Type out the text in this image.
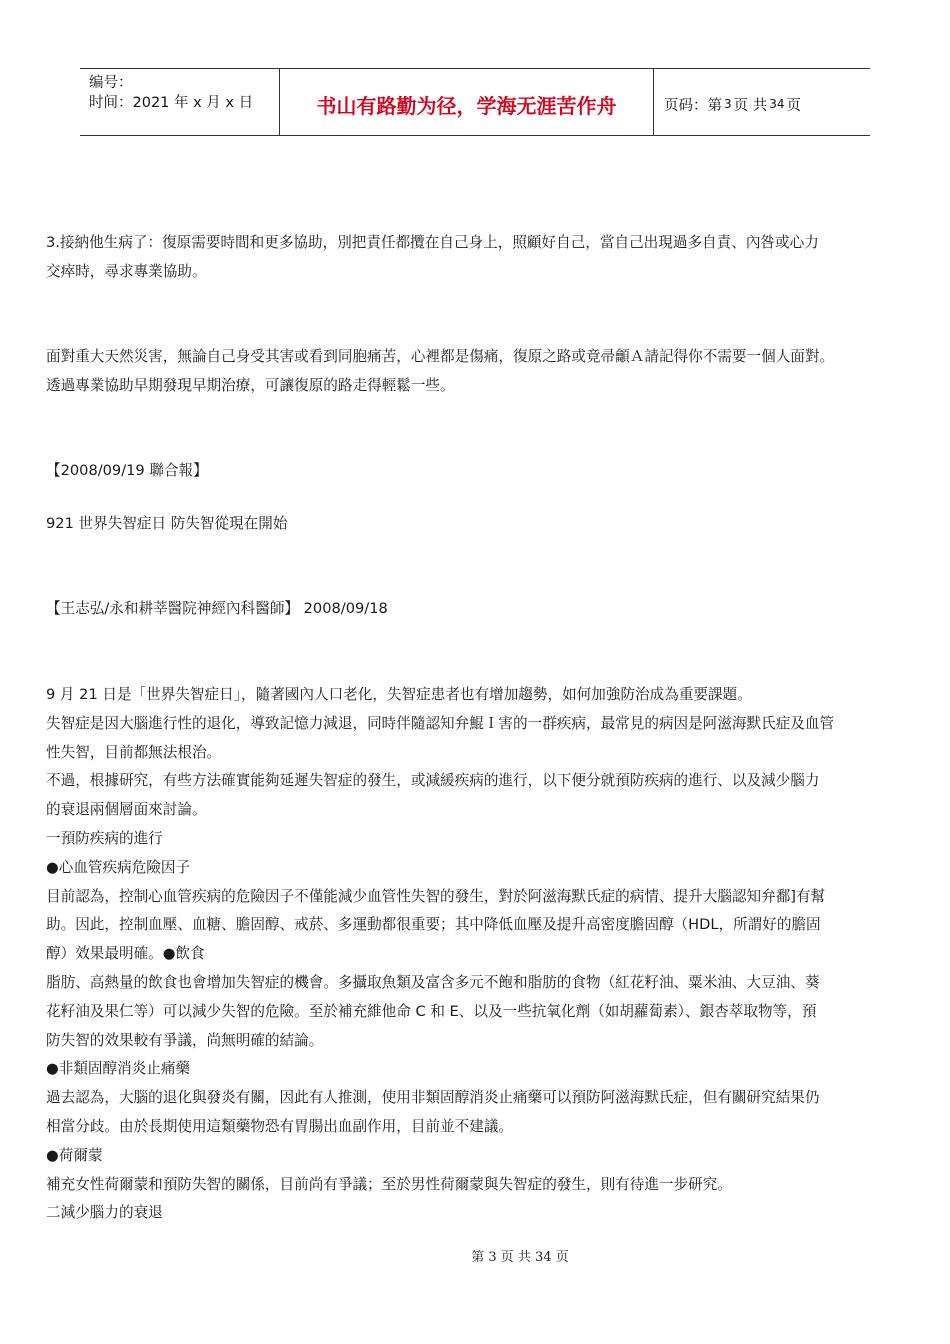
编号：
时间：2021 年 x 月 x 日	书山有路勤为径，学海无涯苦作舟	页码：第 3 页 共 34 页

3.接納他生病了：復原需要時間和更多協助，別把責任都攬在自己身上，照顧好自己，當自己出現過多自責、內咎或心力

交瘁時，尋求專業協助。

面對重大天然災害，無論自己身受其害或看到同胞痛苦，心裡都是傷痛，復原之路或竟帚龥Ａ請記得你不需要一個人面對。

透過專業協助早期發現早期治療，可讓復原的路走得輕鬆一些。

【2008/09/19 聯合報】

921 世界失智症日 防失智從現在開始

【王志弘/永和耕莘醫院神經內科醫師】 2008/09/18

9 月 21 日是「世界失智症日」，隨著國內人口老化，失智症患者也有增加趨勢，如何加強防治成為重要課題。

失智症是因大腦進行性的退化，導致記憶力減退，同時伴隨認知弁鯤Ｉ害的一群疾病，最常見的病因是阿滋海默氏症及血管

性失智，目前都無法根治。

不過，根據研究，有些方法確實能夠延遲失智症的發生，或減緩疾病的進行，以下便分就預防疾病的進行、以及減少腦力

的衰退兩個層面來討論。

一預防疾病的進行

●心血管疾病危險因子

目前認為，控制心血管疾病的危險因子不僅能減少血管性失智的發生，對於阿滋海默氏症的病情、提升大腦認知弁鄱]有幫

助。因此，控制血壓、血糖、膽固醇、戒菸、多運動都很重要；其中降低血壓及提升高密度膽固醇（HDL，所謂好的膽固

醇）效果最明確。●飲食

脂肪、高熱量的飲食也會增加失智症的機會。多攝取魚類及富含多元不飽和脂肪的食物（紅花籽油、粟米油、大豆油、葵

花籽油及果仁等）可以減少失智的危險。至於補充維他命 C 和 E、以及一些抗氧化劑（如胡蘿蔔素）、銀杏萃取物等，預

防失智的效果較有爭議，尚無明確的結論。

●非類固醇消炎止痛藥

過去認為，大腦的退化與發炎有關，因此有人推測，使用非類固醇消炎止痛藥可以預防阿滋海默氏症，但有關研究結果仍

相當分歧。由於長期使用這類藥物恐有胃腸出血副作用，目前並不建議。

●荷爾蒙

補充女性荷爾蒙和預防失智的關係，目前尚有爭議；至於男性荷爾蒙與失智症的發生，則有待進一步研究。

二減少腦力的衰退

第 3 页 共 34 页
